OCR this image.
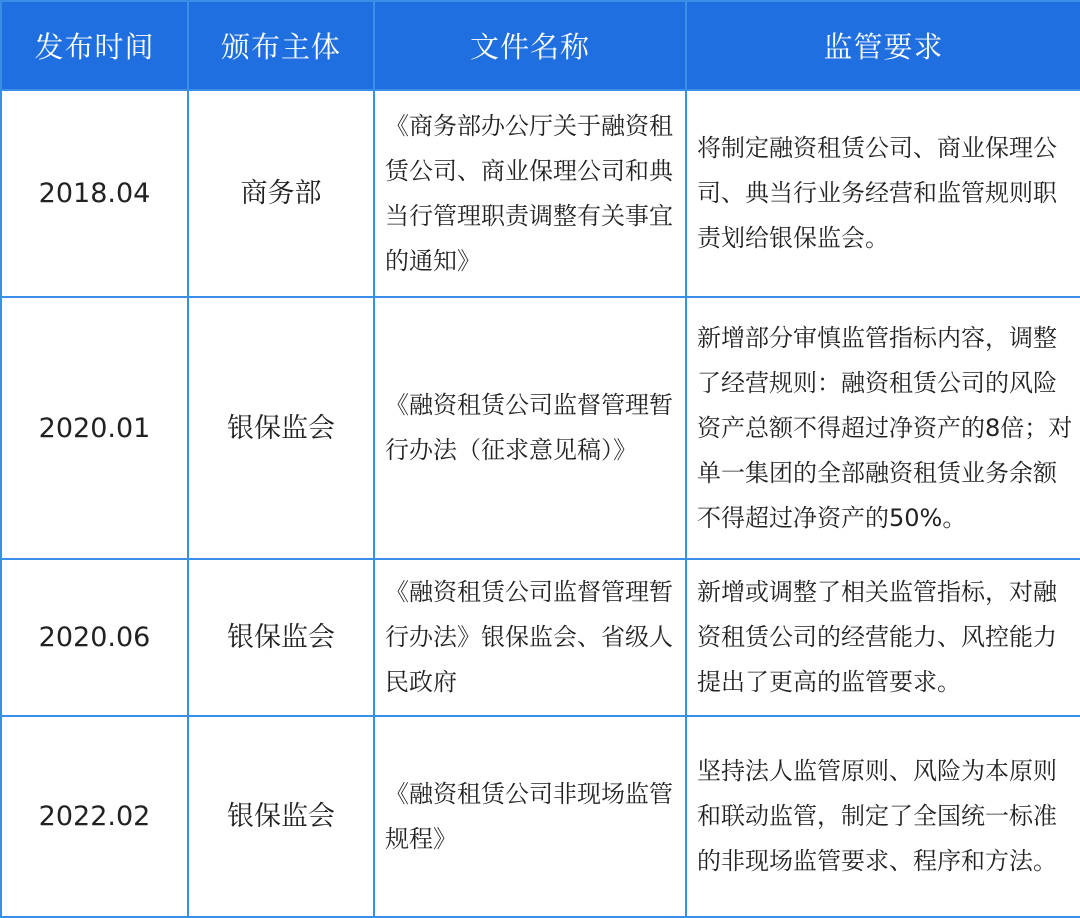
发布时间	颁布主体	文件名称	监管要求
2018.04	商务部	《商务部办公厅关于融资租赁公司、商业保理公司和典当行管理职责调整有关事宜的通知》	将制定融资租赁公司、商业保理公司、典当行业务经营和监管规则职责划给银保监会。

2020.01	银保监会	《融资租赁公司监督管理暂行办法（征求意见稿）》	新增部分审慎监管指标内容，调整了经营规则：融资租赁公司的风险资产总额不得超过净资产的8倍；对单一集团的全部融资租赁业务余额不得超过净资产的50%。

2020.06	银保监会	《融资租赁公司监督管理暂行办法》银保监会、省级人民政府	新增或调整了相关监管指标，对融资租赁公司的经营能力、风控能力提出了更高的监管要求。

2022.02	银保监会	《融资租赁公司非现场监管规程》	坚持法人监管原则、风险为本原则和联动监管，制定了全国统一标准的非现场监管要求、程序和方法。
